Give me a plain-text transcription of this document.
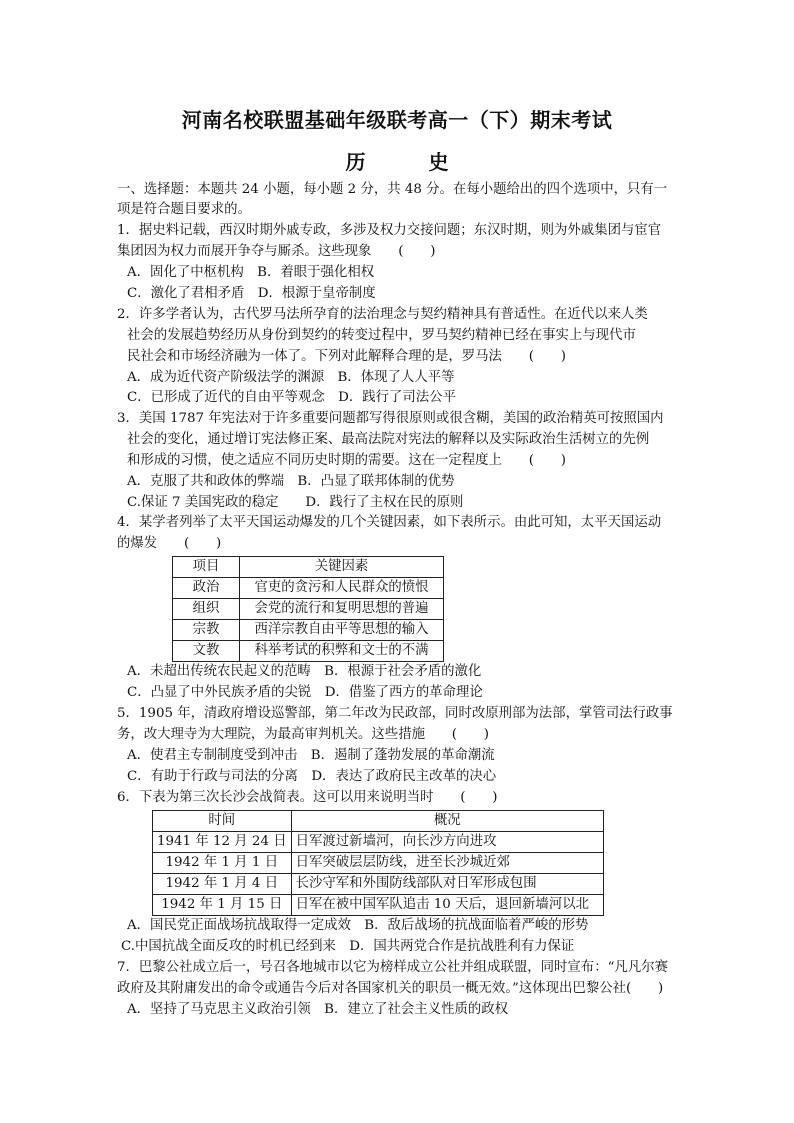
河南名校联盟基础年级联考高一（下）期末考试
历 史
一、选择题：本题共 24 小题，每小题 2 分，共 48 分。在每小题给出的四个选项中，只有一
项是符合题目要求的。
1．据史料记载，西汉时期外戚专政，多涉及权力交接问题；东汉时期，则为外戚集团与宦官
集团因为权力而展开争夺与厮杀。这些现象　　(　　)
A．固化了中枢机构　B．着眼于强化相权
C．激化了君相矛盾　D．根源于皇帝制度
2．许多学者认为，古代罗马法所孕育的法治理念与契约精神具有普适性。在近代以来人类
社会的发展趋势经历从身份到契约的转变过程中，罗马契约精神已经在事实上与现代市
民社会和市场经济融为一体了。下列对此解释合理的是，罗马法　　(　　)
A．成为近代资产阶级法学的渊源　B．体现了人人平等
C．已形成了近代的自由平等观念　D．践行了司法公平
3．美国 1787 年宪法对于许多重要问题都写得很原则或很含糊，美国的政治精英可按照国内
社会的变化，通过增订宪法修正案、最高法院对宪法的解释以及实际政治生活树立的先例
和形成的习惯，使之适应不同历史时期的需要。这在一定程度上　　(　　)
A．克服了共和政体的弊端　B．凸显了联邦体制的优势
C.保证 7 美国宪政的稳定　　D．践行了主权在民的原则
4．某学者列举了太平天国运动爆发的几个关键因素，如下表所示。由此可知，太平天国运动
的爆发　　(　　)
项目	关键因素
政治	官吏的贪污和人民群众的愤恨
组织	会党的流行和复明思想的普遍
宗教	西洋宗教自由平等思想的输入
文教	科举考试的积弊和文士的不满
A．未超出传统农民起义的范畴　B．根源于社会矛盾的激化
C．凸显了中外民族矛盾的尖锐　D．借鉴了西方的革命理论
5．1905 年，清政府增设巡警部，第二年改为民政部，同时改原刑部为法部，掌管司法行政事
务，改大理寺为大理院，为最高审判机关。这些措施　　(　　)
A．使君主专制制度受到冲击　B．遏制了蓬勃发展的革命潮流
C．有助于行政与司法的分离　D．表达了政府民主改革的决心
6．下表为第三次长沙会战简表。这可以用来说明当时　　(　　)
时间	概况
1941 年 12 月 24 日	日军渡过新墙河，向长沙方向进攻
1942 年 1 月 1 日	日军突破层层防线，进至长沙城近郊
1942 年 1 月 4 日	长沙守军和外围防线部队对日军形成包围
1942 年 1 月 15 日	日军在被中国军队追击 10 天后，退回新墙河以北
A．国民党正面战场抗战取得一定成效　B．敌后战场的抗战面临着严峻的形势
C.中国抗战全面反攻的时机已经到来　D．国共两党合作是抗战胜利有力保证
7．巴黎公社成立后一，号召各地城市以它为榜样成立公社并组成联盟，同时宣布：“凡凡尔赛
政府及其附庸发出的命令或通告今后对各国家机关的职员一概无效。”这体现出巴黎公社(　　)
A．坚持了马克思主义政治引领　B．建立了社会主义性质的政权
